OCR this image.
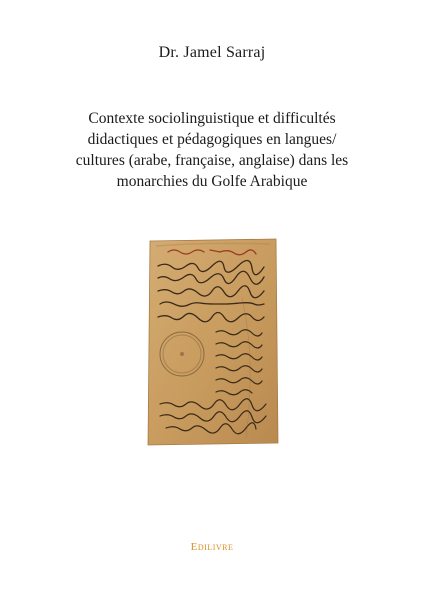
Dr. Jamel Sarraj
Contexte sociolinguistique et difficultés
didactiques et pédagogiques en langues/
cultures (arabe, française, anglaise) dans les
monarchies du Golfe Arabique
Edilivre
